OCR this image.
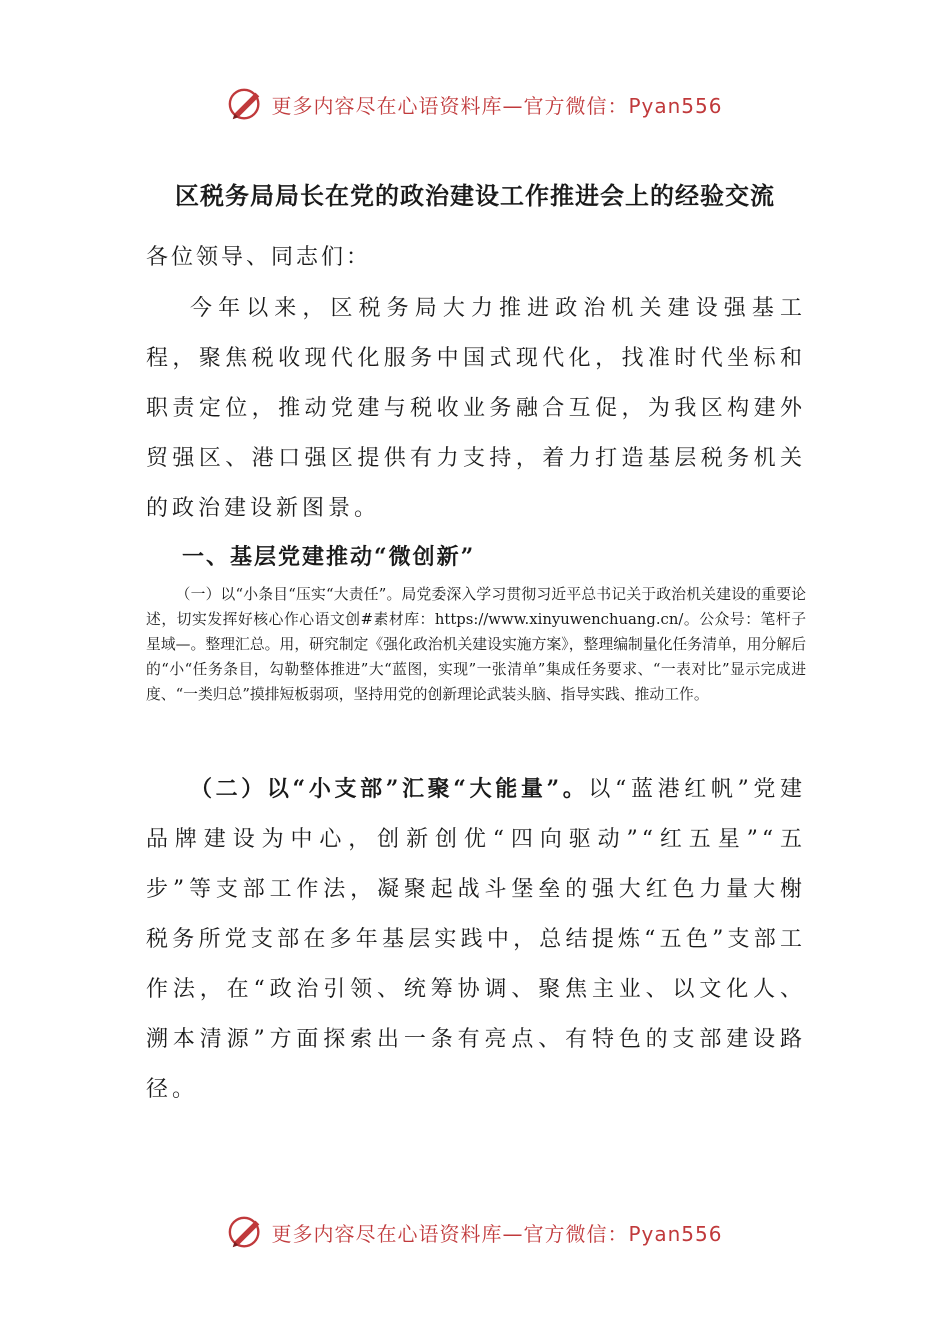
更多内容尽在心语资料库— 官方微信：Pyan556
区税务局局长在党的政治建设工作推进会上的经验交流
各位领导、同志们：

今年以来，区税务局大力推进政治机关建设强基工程，聚焦税收现代化服务中国式现代化，找准时代坐标和职责定位，推动党建与税收业务融合互促，为我区构建外贸强区、港口强区提供有力支持，着力打造基层税务机关的政治建设新图景。

一、基层党建推动“微创新”

（一）以“小条目“压实“大责任”。局党委深入学习贯彻习近平总书记关于政治机关建设的重要论述，切实发挥好核心作心语文创#素材库：https://www.xinyuwenchuang.cn/。公众号：笔杆子星域—。整理汇总。用，研究制定《强化政治机关建设实施方案》，整理编制量化任务清单，用分解后的“小“任务条目，勾勒整体推进”大“蓝图，实现”一张清单”集成任务要求、“一表对比”显示完成进度、“一类归总”摸排短板弱项，坚持用党的创新理论武装头脑、指导实践、推动工作。

（二）以“小支部”汇聚“大能量”。以“蓝港红帆”党建品牌建设为中心，创新创优“四向驱动”“红五星”“五步”等支部工作法，凝聚起战斗堡垒的强大红色力量大榭税务所党支部在多年基层实践中，总结提炼“五色”支部工作法，在“政治引领、统筹协调、聚焦主业、以文化人、溯本清源”方面探索出一条有亮点、有特色的支部建设路径。

更多内容尽在心语资料库— 官方微信：Pyan556
